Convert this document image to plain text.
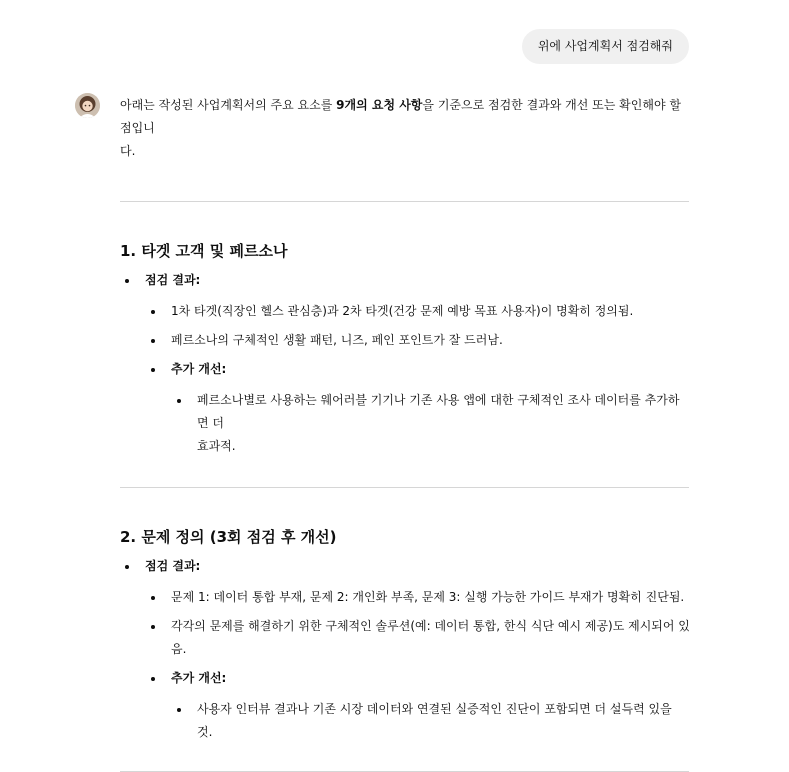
위에 사업계획서 점검해줘

아래는 작성된 사업계획서의 주요 요소를 9개의 요청 사항을 기준으로 점검한 결과와 개선 또는 확인해야 할 점입니
다.

1. 타겟 고객 및 페르소나
점검 결과:
1차 타겟(직장인 헬스 관심층)과 2차 타겟(건강 문제 예방 목표 사용자)이 명확히 정의됨.
페르소나의 구체적인 생활 패턴, 니즈, 페인 포인트가 잘 드러남.
추가 개선:
페르소나별로 사용하는 웨어러블 기기나 기존 사용 앱에 대한 구체적인 조사 데이터를 추가하면 더
효과적.
2. 문제 정의 (3회 점검 후 개선)
점검 결과:
문제 1: 데이터 통합 부재, 문제 2: 개인화 부족, 문제 3: 실행 가능한 가이드 부재가 명확히 진단됨.
각각의 문제를 해결하기 위한 구체적인 솔루션(예: 데이터 통합, 한식 식단 예시 제공)도 제시되어 있음.
추가 개선:
사용자 인터뷰 결과나 기존 시장 데이터와 연결된 실증적인 진단이 포함되면 더 설득력 있을 것.
